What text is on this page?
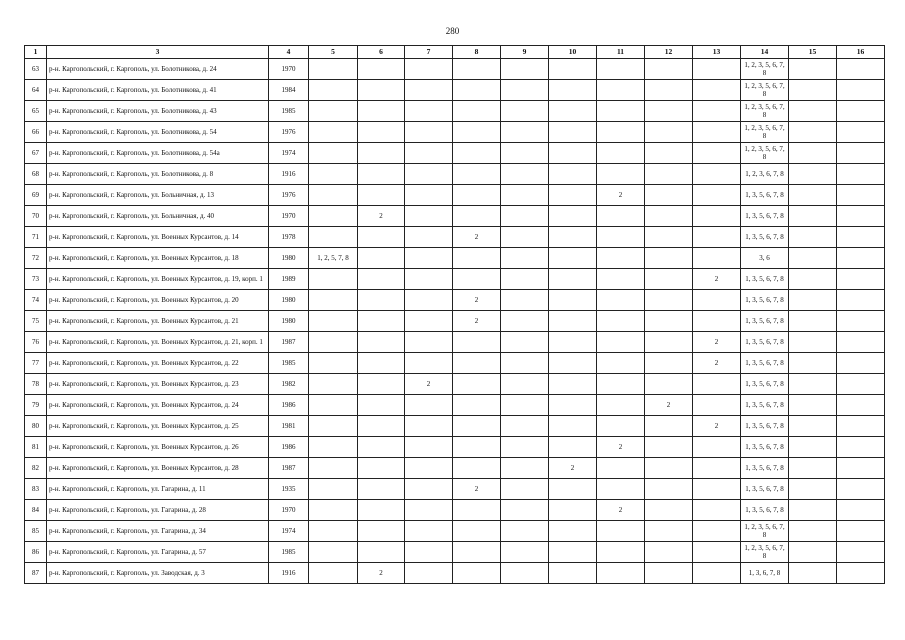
280
1	3	4	5	6	7	8	9	10	11	12	13	14	15	16
63	р-н. Каргопольский, г. Каргополь, ул. Болотникова, д. 24	1970										1, 2, 3, 5, 6, 7, 8		
64	р-н. Каргопольский, г. Каргополь, ул. Болотникова, д. 41	1984										1, 2, 3, 5, 6, 7, 8		
65	р-н. Каргопольский, г. Каргополь, ул. Болотникова, д. 43	1985										1, 2, 3, 5, 6, 7, 8		
66	р-н. Каргопольский, г. Каргополь, ул. Болотникова, д. 54	1976										1, 2, 3, 5, 6, 7, 8		
67	р-н. Каргопольский, г. Каргополь, ул. Болотникова, д. 54а	1974										1, 2, 3, 5, 6, 7, 8		
68	р-н. Каргопольский, г. Каргополь, ул. Болотникова, д. 8	1916										1, 2, 3, 6, 7, 8		
69	р-н. Каргопольский, г. Каргополь, ул. Больничная, д. 13	1976							2			1, 3, 5, 6, 7, 8		
70	р-н. Каргопольский, г. Каргополь, ул. Больничная, д. 40	1970		2								1, 3, 5, 6, 7, 8		
71	р-н. Каргопольский, г. Каргополь, ул. Военных Курсантов, д. 14	1978				2						1, 3, 5, 6, 7, 8		
72	р-н. Каргопольский, г. Каргополь, ул. Военных Курсантов, д. 18	1980	1, 2, 5, 7, 8									3, 6		
73	р-н. Каргопольский, г. Каргополь, ул. Военных Курсантов, д. 19, корп. 1	1989									2	1, 3, 5, 6, 7, 8		
74	р-н. Каргопольский, г. Каргополь, ул. Военных Курсантов, д. 20	1980				2						1, 3, 5, 6, 7, 8		
75	р-н. Каргопольский, г. Каргополь, ул. Военных Курсантов, д. 21	1980				2						1, 3, 5, 6, 7, 8		
76	р-н. Каргопольский, г. Каргополь, ул. Военных Курсантов, д. 21, корп. 1	1987									2	1, 3, 5, 6, 7, 8		
77	р-н. Каргопольский, г. Каргополь, ул. Военных Курсантов, д. 22	1985									2	1, 3, 5, 6, 7, 8		
78	р-н. Каргопольский, г. Каргополь, ул. Военных Курсантов, д. 23	1982			2							1, 3, 5, 6, 7, 8		
79	р-н. Каргопольский, г. Каргополь, ул. Военных Курсантов, д. 24	1986								2		1, 3, 5, 6, 7, 8		
80	р-н. Каргопольский, г. Каргополь, ул. Военных Курсантов, д. 25	1981									2	1, 3, 5, 6, 7, 8		
81	р-н. Каргопольский, г. Каргополь, ул. Военных Курсантов, д. 26	1986							2			1, 3, 5, 6, 7, 8		
82	р-н. Каргопольский, г. Каргополь, ул. Военных Курсантов, д. 28	1987						2				1, 3, 5, 6, 7, 8		
83	р-н. Каргопольский, г. Каргополь, ул. Гагарина, д. 11	1935				2						1, 3, 5, 6, 7, 8		
84	р-н. Каргопольский, г. Каргополь, ул. Гагарина, д. 28	1970							2			1, 3, 5, 6, 7, 8		
85	р-н. Каргопольский, г. Каргополь, ул. Гагарина, д. 34	1974										1, 2, 3, 5, 6, 7, 8		
86	р-н. Каргопольский, г. Каргополь, ул. Гагарина, д. 57	1985										1, 2, 3, 5, 6, 7, 8		
87	р-н. Каргопольский, г. Каргополь, ул. Заводская, д. 3	1916		2								1, 3, 6, 7, 8		
